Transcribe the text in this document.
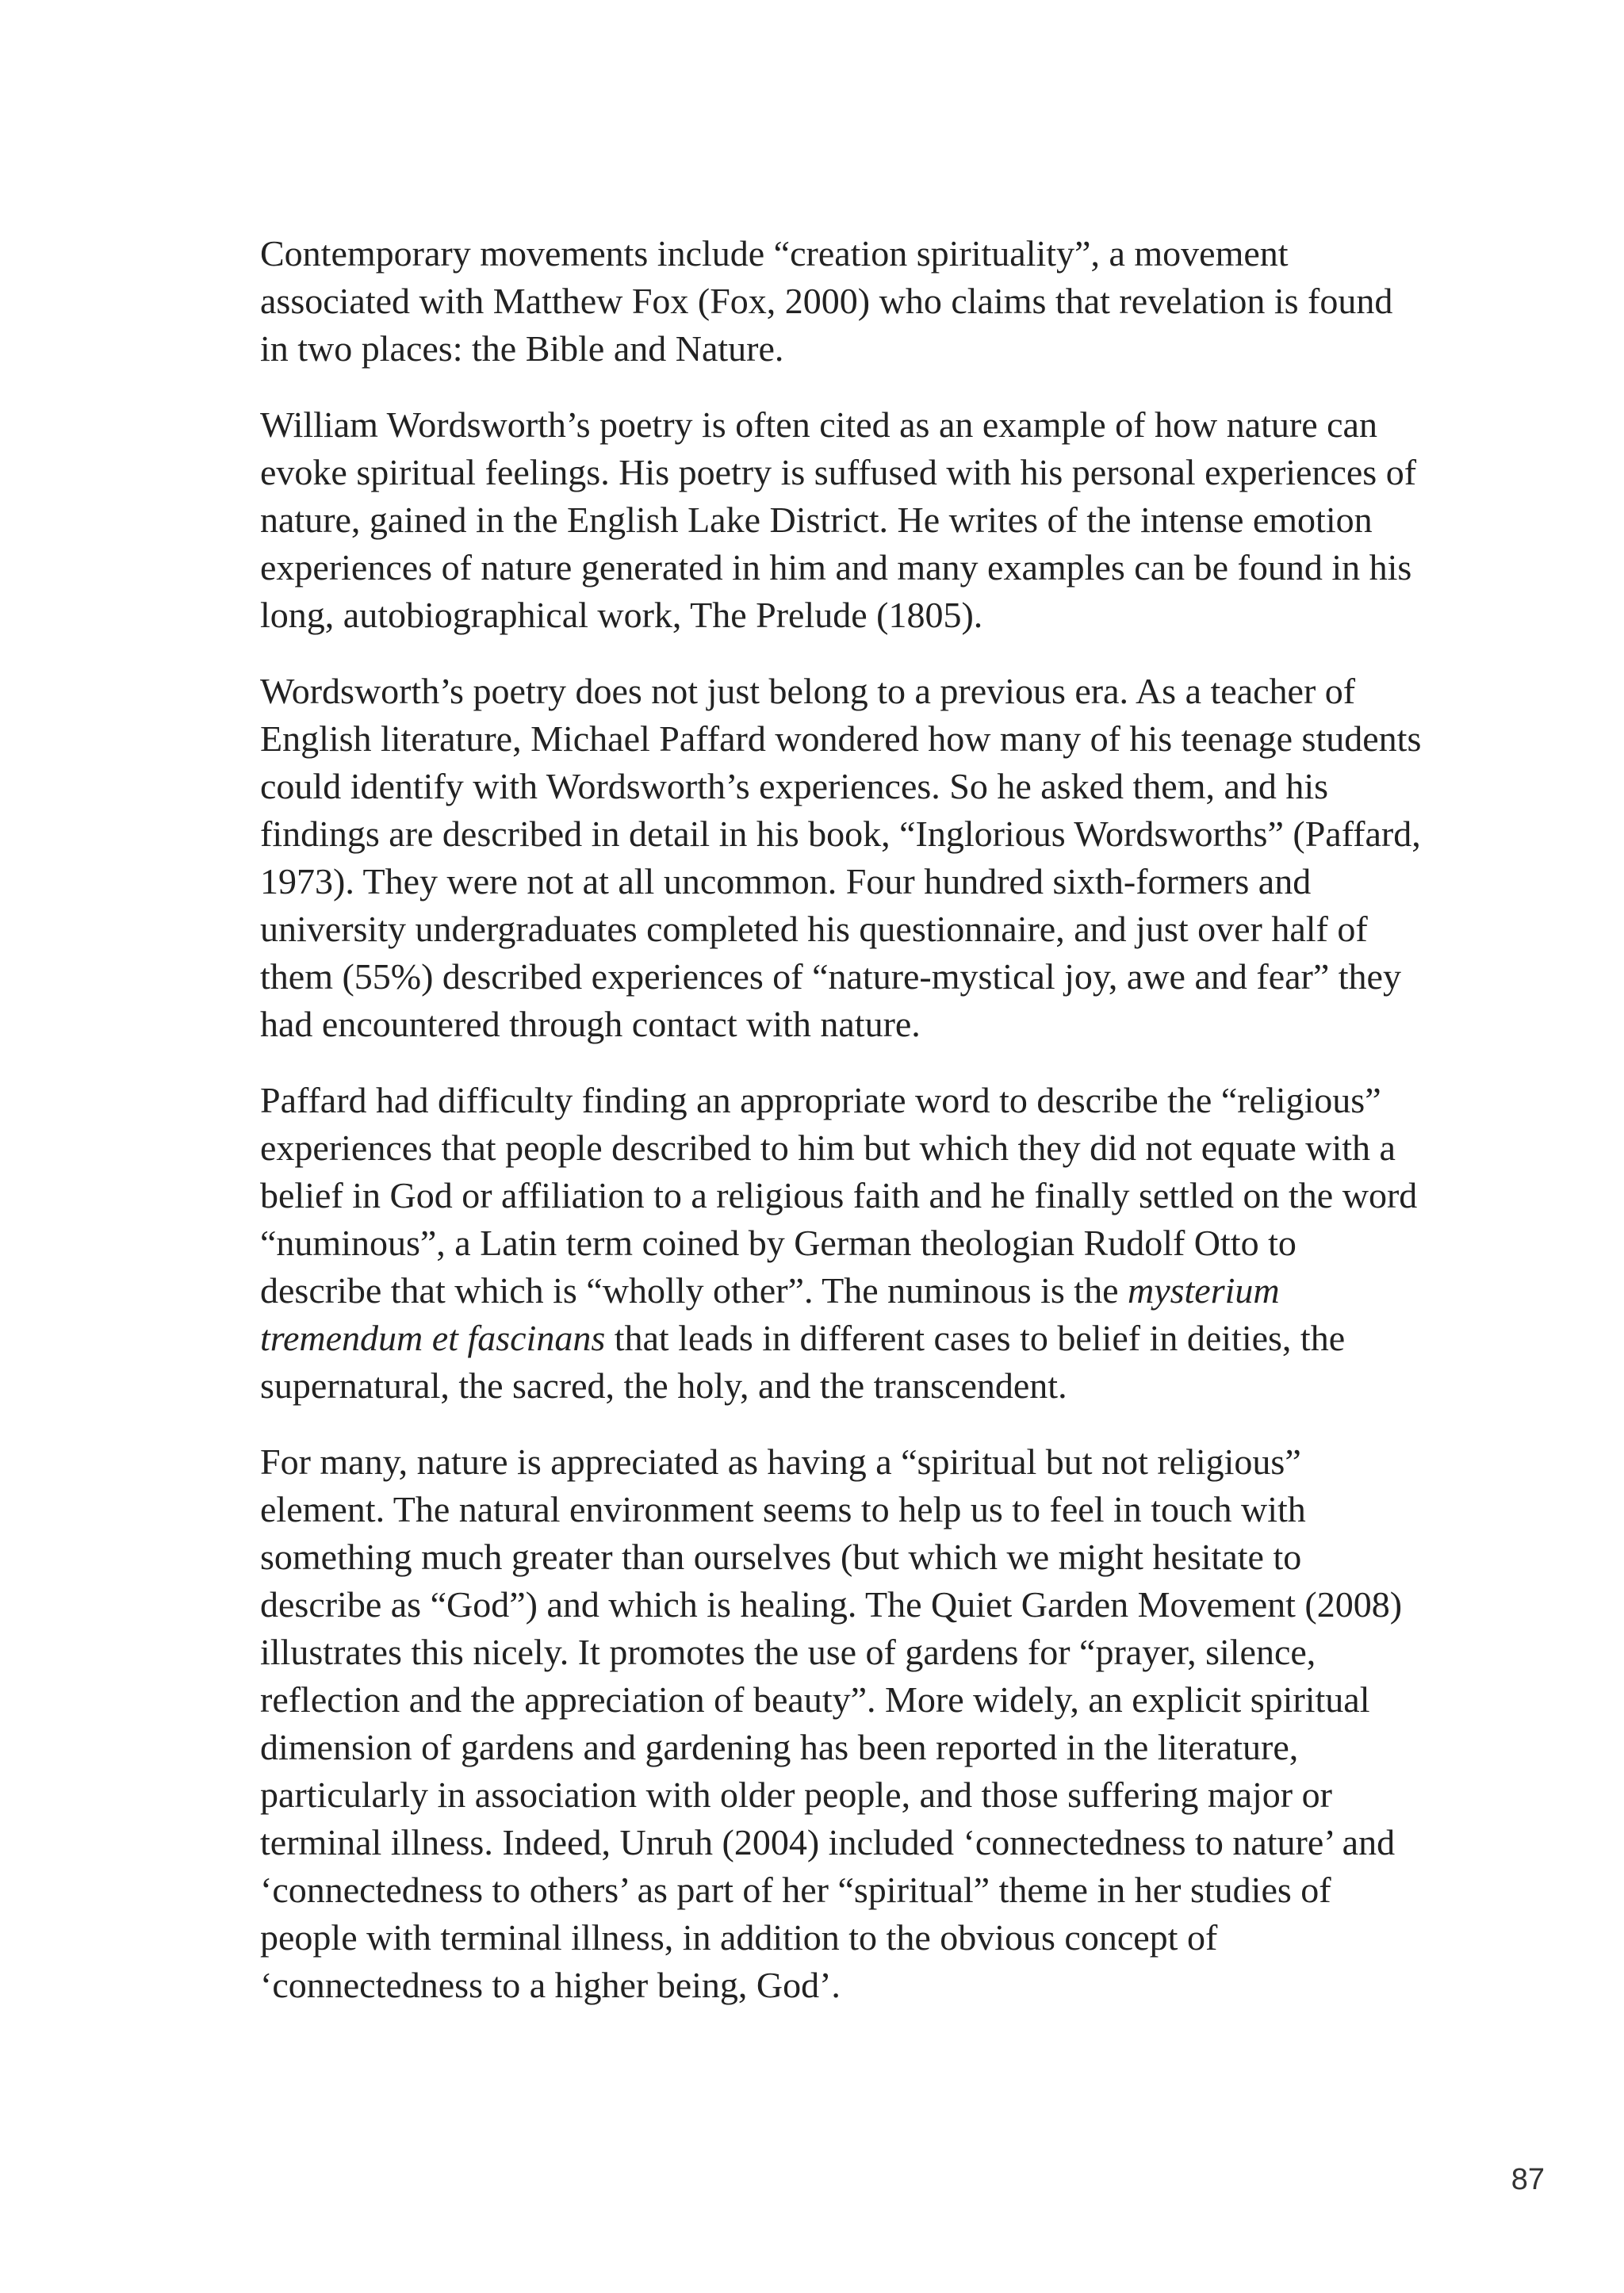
Contemporary movements include “creation spirituality”, a movement associated with Matthew Fox (Fox, 2000) who claims that revelation is found in two places: the Bible and Nature.

William Wordsworth’s poetry is often cited as an example of how nature can evoke spiritual feelings. His poetry is suffused with his personal experiences of nature, gained in the English Lake District. He writes of the intense emotion experiences of nature generated in him and many examples can be found in his long, autobiographical work, The Prelude (1805).

Wordsworth’s poetry does not just belong to a previous era. As a teacher of English literature, Michael Paffard wondered how many of his teenage students could identify with Wordsworth’s experiences. So he asked them, and his findings are described in detail in his book, “Inglorious Wordsworths” (Paffard, 1973). They were not at all uncommon. Four hundred sixth-formers and university undergraduates completed his questionnaire, and just over half of them (55%) described experiences of “nature-mystical joy, awe and fear” they had encountered through contact with nature.

Paffard had difficulty finding an appropriate word to describe the “religious” experiences that people described to him but which they did not equate with a belief in God or affiliation to a religious faith and he finally settled on the word “numinous”, a Latin term coined by German theologian Rudolf Otto to describe that which is “wholly other”. The numinous is the mysterium tremendum et fascinans that leads in different cases to belief in deities, the supernatural, the sacred, the holy, and the transcendent.

For many, nature is appreciated as having a “spiritual but not religious” element. The natural environment seems to help us to feel in touch with something much greater than ourselves (but which we might hesitate to describe as “God”) and which is healing. The Quiet Garden Movement (2008) illustrates this nicely. It promotes the use of gardens for “prayer, silence, reflection and the appreciation of beauty”. More widely, an explicit spiritual dimension of gardens and gardening has been reported in the literature, particularly in association with older people, and those suffering major or terminal illness. Indeed, Unruh (2004) included ‘connectedness to nature’ and ‘connectedness to others’ as part of her “spiritual” theme in her studies of people with terminal illness, in addition to the obvious concept of ‘connectedness to a higher being, God’.

87
